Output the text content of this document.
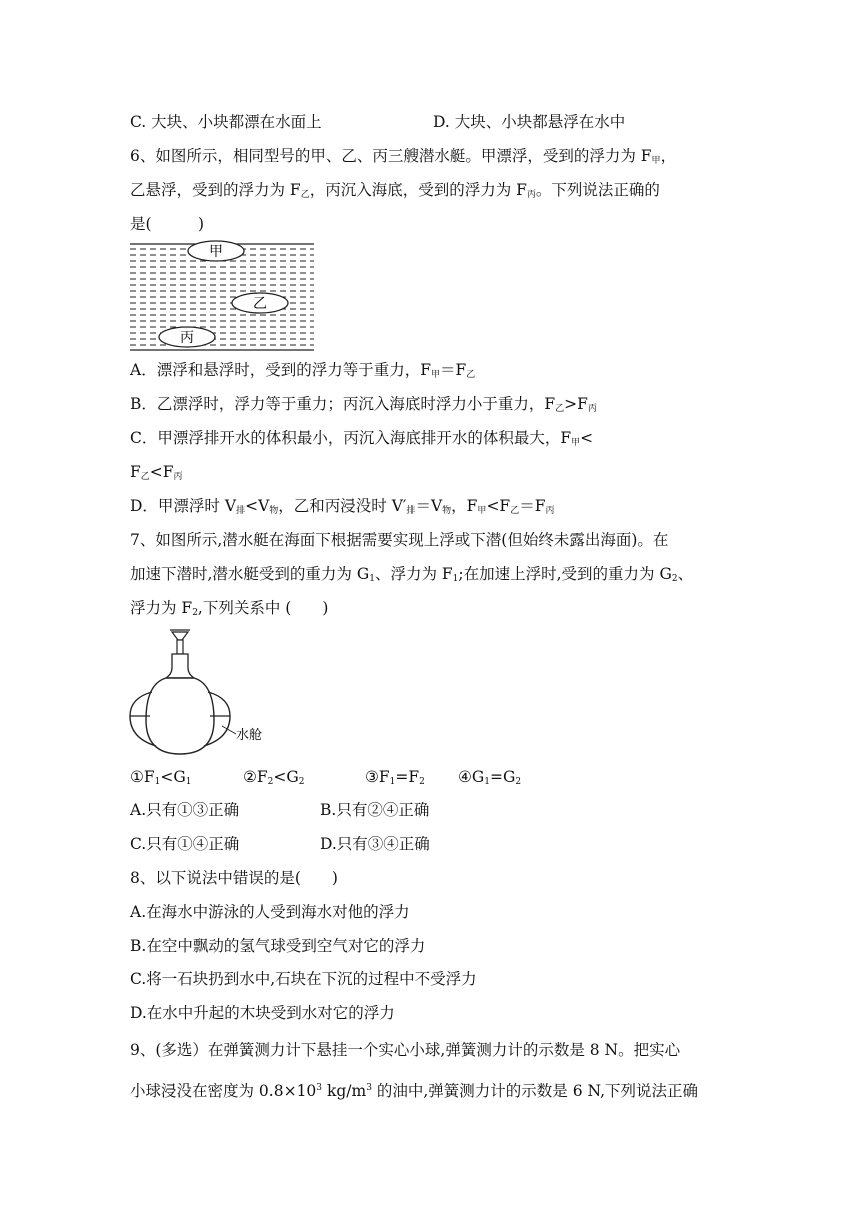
C. 大块、小块都漂在水面上	D. 大块、小块都悬浮在水中
6、如图所示，相同型号的甲、乙、丙三艘潜水艇。甲漂浮，受到的浮力为 $F_甲$，
乙悬浮，受到的浮力为 $F_乙$，丙沉入海底，受到的浮力为 $F_丙$。下列说法正确的
是(　　　)
甲
乙
丙
A．漂浮和悬浮时，受到的浮力等于重力，$F_甲=F_乙$
B．乙漂浮时，浮力等于重力；丙沉入海底时浮力小于重力，$F_乙>F_丙$
C．甲漂浮排开水的体积最小，丙沉入海底排开水的体积最大，$F_甲<$
$F_乙<F_丙$
D．甲漂浮时 $V_排<V_物$，乙和丙浸没时 $V'_排=V_物$，$F_甲<F_乙=F_丙$
7、如图所示,潜水艇在海面下根据需要实现上浮或下潜(但始终未露出海面)。在
加速下潜时,潜水艇受到的重力为 $G_1$、浮力为 $F_1$;在加速上浮时,受到的重力为 $G_2$、
浮力为 $F_2$,下列关系中 (　　)
水舱
$①F_1<G_1$	$②F_2<G_2$	$③F_1=F_2$ $④G_1=G_2$
A.只有①③正确	B.只有②④正确
C.只有①④正确	D.只有③④正确
8、以下说法中错误的是(　　)
A.在海水中游泳的人受到海水对他的浮力
B.在空中飘动的氢气球受到空气对它的浮力
C.将一石块扔到水中,石块在下沉的过程中不受浮力
D.在水中升起的木块受到水对它的浮力
9、(多选）在弹簧测力计下悬挂一个实心小球,弹簧测力计的示数是 8 N。把实心
小球浸没在密度为 $0.8\times 10^3$ $kg/m^3$ 的油中,弹簧测力计的示数是 6 N,下列说法正确
